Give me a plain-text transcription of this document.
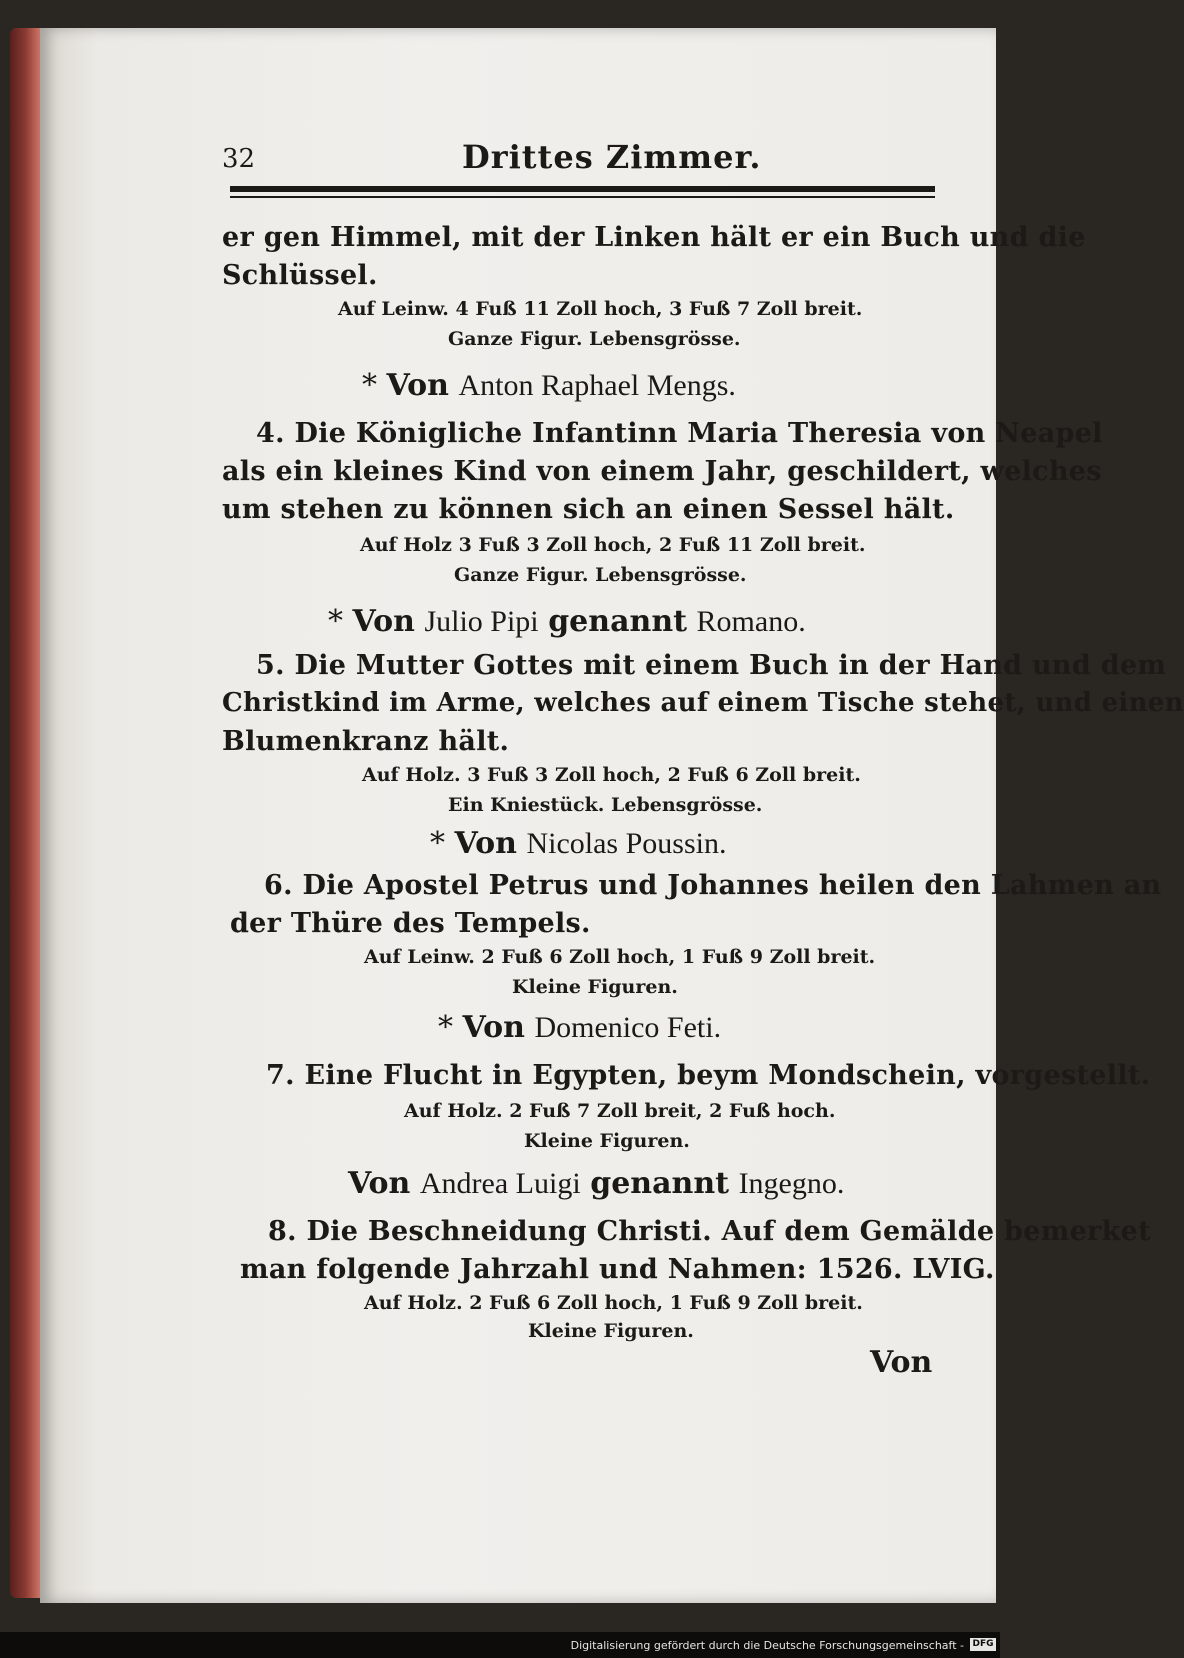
32	Drittes Zimmer.
er gen Himmel, mit der Linken hält er ein Buch und die
Schlüssel.
Auf Leinw. 4 Fuß 11 Zoll hoch, 3 Fuß 7 Zoll breit.
Ganze Figur. Lebensgrösse.
* Von Anton Raphael Mengs.
4. Die Königliche Infantinn Maria Theresia von Neapel
als ein kleines Kind von einem Jahr, geschildert, welches
um stehen zu können sich an einen Sessel hält.
Auf Holz 3 Fuß 3 Zoll hoch, 2 Fuß 11 Zoll breit.
Ganze Figur. Lebensgrösse.
* Von Julio Pipi genannt Romano.
5. Die Mutter Gottes mit einem Buch in der Hand und dem
Christkind im Arme, welches auf einem Tische stehet, und einen
Blumenkranz hält.
Auf Holz. 3 Fuß 3 Zoll hoch, 2 Fuß 6 Zoll breit.
Ein Kniestück. Lebensgrösse.
* Von Nicolas Poussin.
6. Die Apostel Petrus und Johannes heilen den Lahmen an
der Thüre des Tempels.
Auf Leinw. 2 Fuß 6 Zoll hoch, 1 Fuß 9 Zoll breit.
Kleine Figuren.
* Von Domenico Feti.
7. Eine Flucht in Egypten, beym Mondschein, vorgestellt.
Auf Holz. 2 Fuß 7 Zoll breit, 2 Fuß hoch.
Kleine Figuren.
Von Andrea Luigi genannt Ingegno.
8. Die Beschneidung Christi. Auf dem Gemälde bemerket
man folgende Jahrzahl und Nahmen: 1526. LVIG.
Auf Holz. 2 Fuß 6 Zoll hoch, 1 Fuß 9 Zoll breit.
Kleine Figuren.
Von
Digitalisierung gefördert durch die Deutsche Forschungsgemeinschaft - DFG
